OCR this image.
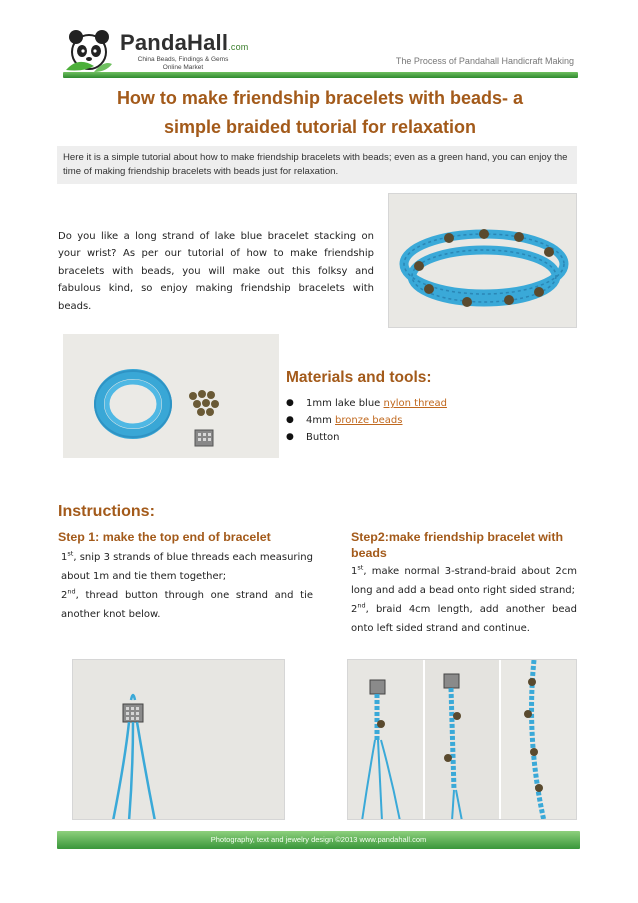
PandaHall.com
China Beads, Findings & Gems
Online Market
The Process of Pandahall Handicraft Making
How to make friendship bracelets with beads- a
simple braided tutorial for relaxation
Here it is a simple tutorial about how to make friendship bracelets with beads; even as a green hand, you can enjoy the time of making friendship bracelets with beads just for relaxation.
Do you like a long strand of lake blue bracelet stacking on your wrist? As per our tutorial of how to make friendship bracelets with beads, you will make out this folksy and fabulous kind, so enjoy making friendship bracelets with beads.
Materials and tools:
● 1mm lake blue nylon thread
● 4mm bronze beads
● Button
Instructions:
Step 1: make the top end of bracelet
1st, snip 3 strands of blue threads each measuring about 1m and tie them together;
2nd, thread button through one strand and tie another knot below.
Step2:make friendship bracelet with beads
1st, make normal 3-strand-braid about 2cm long and add a bead onto right sided strand;
2nd, braid 4cm length, add another bead onto left sided strand and continue.
Photography, text and jewelry design ©2013 www.pandahall.com
